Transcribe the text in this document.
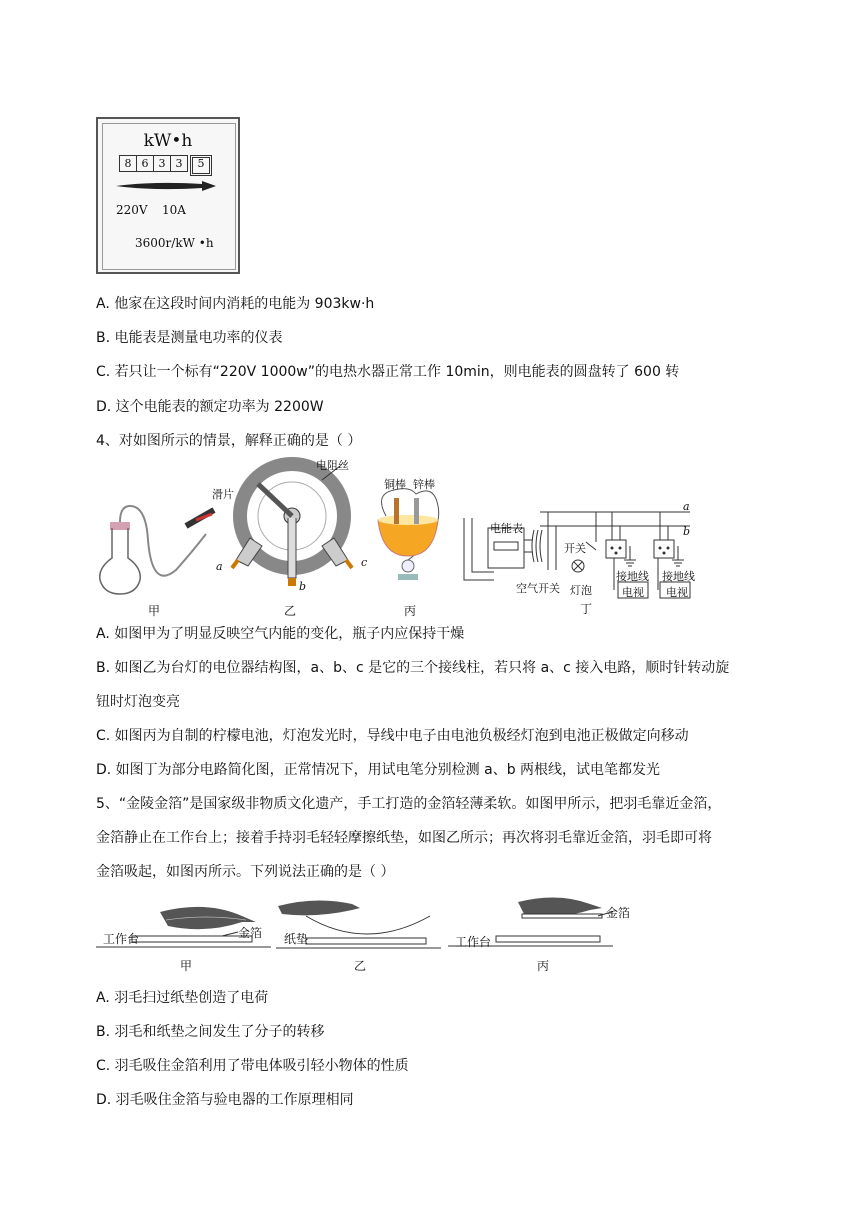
kW•h
8 6 3 3	5
220V 10A
3600r/kW •h
A. 他家在这段时间内消耗的电能为 903kw·h
B. 电能表是测量电功率的仪表
C. 若只让一个标有“220V 1000w”的电热水器正常工作 10min，则电能表的圆盘转了 600 转
D. 这个电能表的额定功率为 2200W
4、对如图所示的情景，解释正确的是（ ）
甲
电阻丝
滑片
a
b
c
乙
铜棒 锌棒
丙
a
b
电能表
开关
空气开关 灯泡
接地线 接地线
电视 电视
丁
A. 如图甲为了明显反映空气内能的变化，瓶子内应保持干燥
B. 如图乙为台灯的电位器结构图，a、b、c 是它的三个接线柱，若只将 a、c 接入电路，顺时针转动旋
钮时灯泡变亮
C. 如图丙为自制的柠檬电池，灯泡发光时，导线中电子由电池负极经灯泡到电池正极做定向移动
D. 如图丁为部分电路简化图，正常情况下，用试电笔分别检测 a、b 两根线，试电笔都发光
5、“金陵金箔”是国家级非物质文化遗产，手工打造的金箔轻薄柔软。如图甲所示，把羽毛靠近金箔，
金箔静止在工作台上；接着手持羽毛轻轻摩擦纸垫，如图乙所示；再次将羽毛靠近金箔，羽毛即可将
金箔吸起，如图丙所示。下列说法正确的是（ ）
工作台	金箔
甲
纸垫
乙
金箔
工作台
丙
A. 羽毛扫过纸垫创造了电荷
B. 羽毛和纸垫之间发生了分子的转移
C. 羽毛吸住金箔利用了带电体吸引轻小物体的性质
D. 羽毛吸住金箔与验电器的工作原理相同
